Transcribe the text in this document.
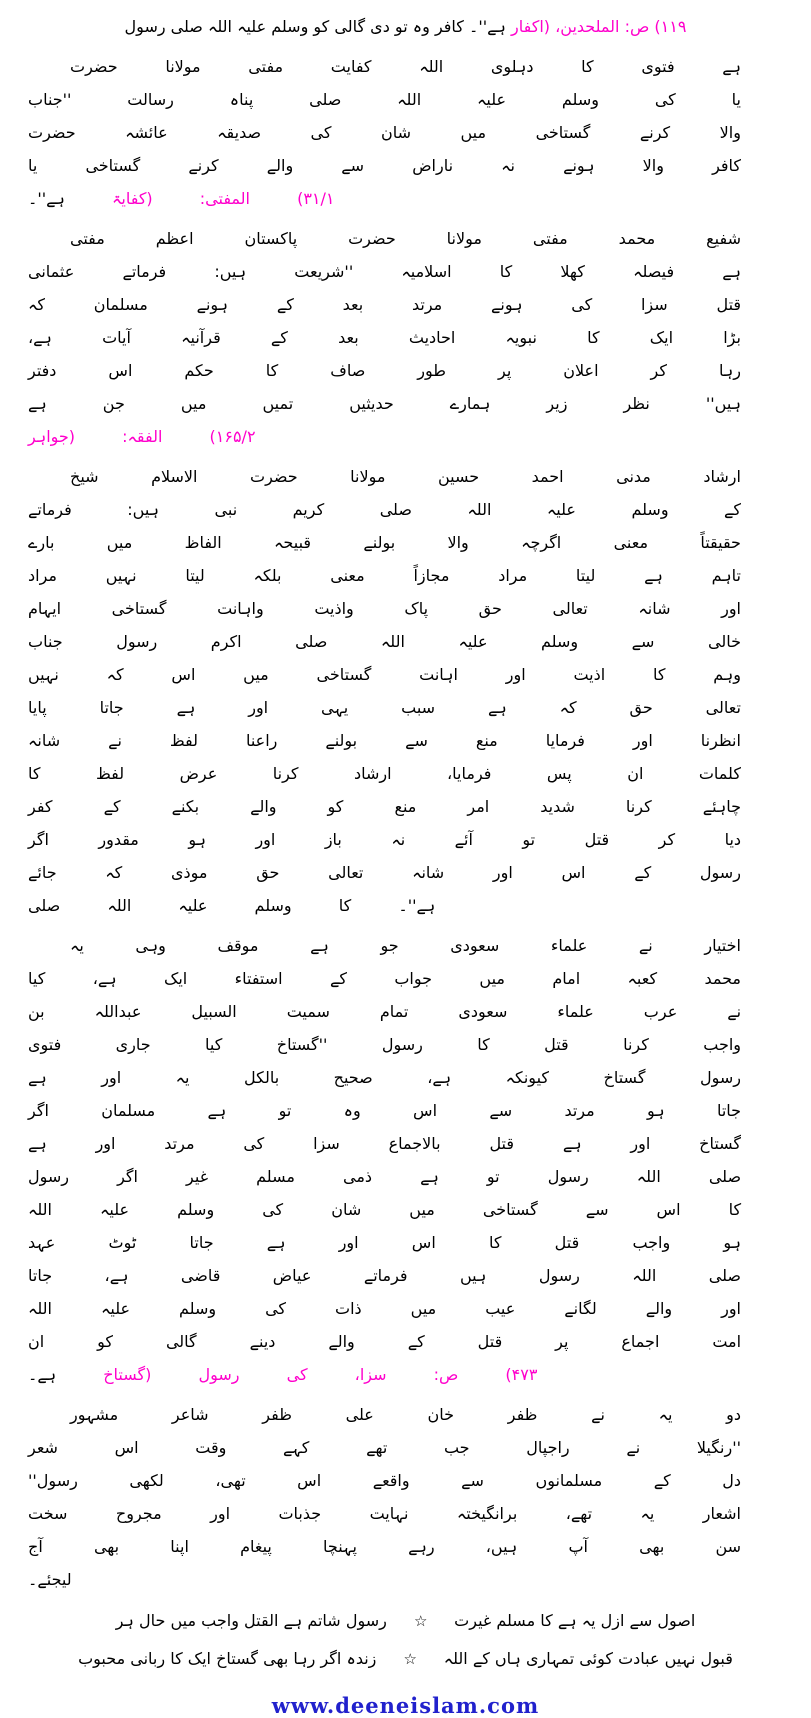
رسول صلی اللہ علیہ وسلم کو گالی دی تو وہ کافر ہے''۔ (اکفار الملحدین، ص: ۱۱۹)
حضرت	مولانا	مفتی	کفایت	اللہ	دہلوی	کا	فتوی	ہے ''جناب	رسالت	پناہ	صلی	اللہ	علیہ	وسلم	کی	یا حضرت	عائشہ	صدیقہ	کی	شان	میں	گستاخی	کرنے	والا یا	گستاخی	کرنے	والے	سے	ناراض	نہ	ہونے	والا	کافر ہے''۔	(کفایۃ	المفتی:	۳۱/۱)
مفتی	اعظم	پاکستان	حضرت	مولانا	مفتی	محمد	شفیع عثمانی	فرماتے	ہیں:	''شریعت	اسلامیہ	کا	کھلا	فیصلہ	ہے کہ	مسلمان	ہونے	کے	بعد	مرتد	ہونے	کی	سزا	قتل ہے،	آیات	قرآنیہ	کے	بعد	احادیث	نبویہ	کا	ایک	بڑا دفتر	اس	حکم	کا	صاف	طور	پر	اعلان	کر	رہا ہے	جن	میں	تمیں	حدیثیں	ہمارے	زیر	نظر	ہیں'' (جواہر	الفقہ:	۱۶۵/۲)
شیخ	الاسلام	حضرت	مولانا	حسین	احمد	مدنی	ارشاد فرماتے	ہیں:	نبی	کریم	صلی	اللہ	علیہ	وسلم	کے بارے	میں	الفاظ	قبیحہ	بولنے	والا	اگرچہ	معنی	حقیقتاً مراد	نہیں	لیتا	بلکہ	معنی	مجازاً	مراد	لیتا	ہے	تاہم ایہام	گستاخی	واہانت	واذیت	پاک	حق	تعالی	شانہ	اور جناب	رسول	اکرم	صلی	اللہ	علیہ	وسلم	سے	خالی نہیں	کہ	اس	میں	گستاخی	اہانت	اور	اذیت	کا	وہم پایا	جاتا	ہے	اور	یہی	سبب	ہے	کہ	حق	تعالی شانہ	نے	لفظ	راعنا	بولنے	سے	منع	فرمایا	اور	انظرنا کا	لفظ	عرض	کرنا	ارشاد	فرمایا،	پس	ان	کلمات کفر	کے	بکنے	والے	کو	منع	امر	شدید	کرنا	چاہئے اگر	مقدور	ہو	اور	باز	نہ	آئے	تو	قتل	کر	دیا جائے	کہ	موذی	حق	تعالی	شانہ	اور	اس	کے	رسول صلی	اللہ	علیہ	وسلم	کا	ہے''۔
یہ	وہی	موقف	ہے	جو	سعودی	علماء	نے	اختیار کیا	ہے،	ایک	استفتاء	کے	جواب	میں	امام	کعبہ	محمد بن	عبداللہ	السبیل	سمیت	تمام	سعودی	علماء	عرب	نے فتوی	جاری	کیا	''گستاخ	رسول	کا	قتل	کرنا	واجب ہے	اور	یہ	بالکل	صحیح	ہے،	کیونکہ	گستاخ	رسول اگر	مسلمان	ہے	تو	وہ	اس	سے	مرتد	ہو	جاتا ہے	اور	مرتد	کی	سزا	بالاجماع	قتل	ہے	اور	گستاخ رسول	اگر	غیر	مسلم	ذمی	ہے	تو	رسول	اللہ	صلی اللہ	علیہ	وسلم	کی	شان	میں	گستاخی	سے	اس	کا عہد	ٹوٹ	جاتا	ہے	اور	اس	کا	قتل	واجب	ہو جاتا	ہے،	قاضی	عیاض	فرماتے	ہیں	رسول	اللہ	صلی اللہ	علیہ	وسلم	کی	ذات	میں	عیب	لگانے	والے	اور ان	کو	گالی	دینے	والے	کے	قتل	پر	اجماع	امت ہے۔	(گستاخ	رسول	کی	سزا،	ص:	۴۷۳)
مشہور	شاعر	ظفر	علی	خان	ظفر	نے	یہ	دو شعر	اس	وقت	کہے	تھے	جب	راجپال	نے	''رنگیلا رسول''	لکھی	تھی،	اس	واقعے	سے	مسلمانوں	کے	دل سخت	مجروح	اور	جذبات	نہایت	برانگیختہ	تھے،	یہ	اشعار آج	بھی	اپنا	پیغام	پہنچا	رہے	ہیں،	آپ	بھی	سن لیجئے۔
ہر حال میں واجب القتل ہے شاتم رسول ☆ غیرت مسلم کا ہے یہ ازل سے اصول
محبوب ربانی کا ایک گستاخ بھی رہا اگر زندہ ☆ اللہ کے ہاں تمہاری کوئی عبادت نہیں قبول
www.deeneislam.com
